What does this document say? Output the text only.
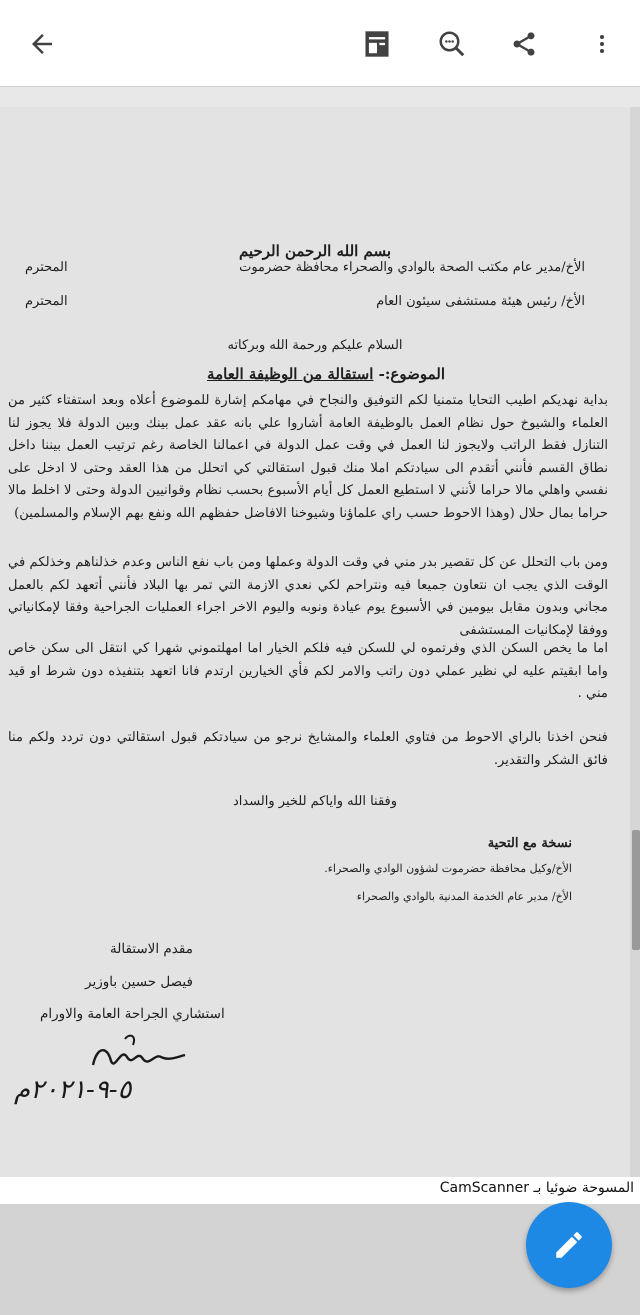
بسم الله الرحمن الرحيم

الأخ/مدير عام مكتب الصحة بالوادي والصحراء محافظة حضرموت
المحترم
الأخ/ رئيس هيئة مستشفى سيئون العام
المحترم

السلام عليكم ورحمة الله وبركاته

الموضوع:- استقالة من الوظيفة العامة

بداية نهديكم اطيب التحايا متمنيا لكم التوفيق والنجاح في مهامكم إشارة للموضوع أعلاه وبعد استفتاء كثير من العلماء والشيوخ حول نظام العمل بالوظيفة العامة أشاروا علي بانه عقد عمل بينك وبين الدولة فلا يجوز لنا التنازل فقط الراتب ولايجوز لنا العمل في وقت عمل الدولة في اعمالنا الخاصة رغم ترتيب العمل بيننا داخل نطاق القسم فأنني أتقدم الى سيادتكم املا منك قبول استقالتي كي اتحلل من هذا العقد وحتى لا ادخل على نفسي واهلي مالا حراما لأنني لا استطيع العمل كل أيام الأسبوع بحسب نظام وقوانيين الدولة وحتى لا اخلط مالا حراما بمال حلال (وهذا الاحوط حسب راي علماؤنا وشيوخنا الافاضل حفظهم الله ونفع بهم الإسلام والمسلمين)

ومن باب التحلل عن كل تقصير بدر مني في وقت الدولة وعملها ومن باب نفع الناس وعدم خذلناهم وخذلكم في الوقت الذي يجب ان نتعاون جميعا فيه ونتراحم لكي نعدي الازمة التي تمر بها البلاد فأنني أتعهد لكم بالعمل مجاني وبدون مقابل بيومين في الأسبوع يوم عيادة ونوبه واليوم الاخر اجراء العمليات الجراحية وفقا لإمكانياتي ووفقا لإمكانيات المستشفى

اما ما يخص السكن الذي وفرتموه لي للسكن فيه فلكم الخيار اما امهلتموني شهرا كي انتقل الى سكن خاص واما ابقيتم عليه لي نظير عملي دون راتب والامر لكم فأي الخيارين ارتدم فانا اتعهد بتنفيذه دون شرط او قيد مني .

فنحن اخذنا بالراي الاحوط من فتاوي العلماء والمشايخ نرجو من سيادتكم قبول استقالتي دون تردد ولكم منا فائق الشكر والتقدير.

وفقنا الله واياكم للخير والسداد

نسخة مع التحية

الأخ/وكيل محافظة حضرموت لشؤون الوادي والصحراء.

الأخ/ مدير عام الخدمة المدنية بالوادي والصحراء

مقدم الاستقالة

فيصل حسين باوزير

استشاري الجراحة العامة والاورام

٥-٩-٢٠٢١م

المسوحة ضوئيا بـ CamScanner
